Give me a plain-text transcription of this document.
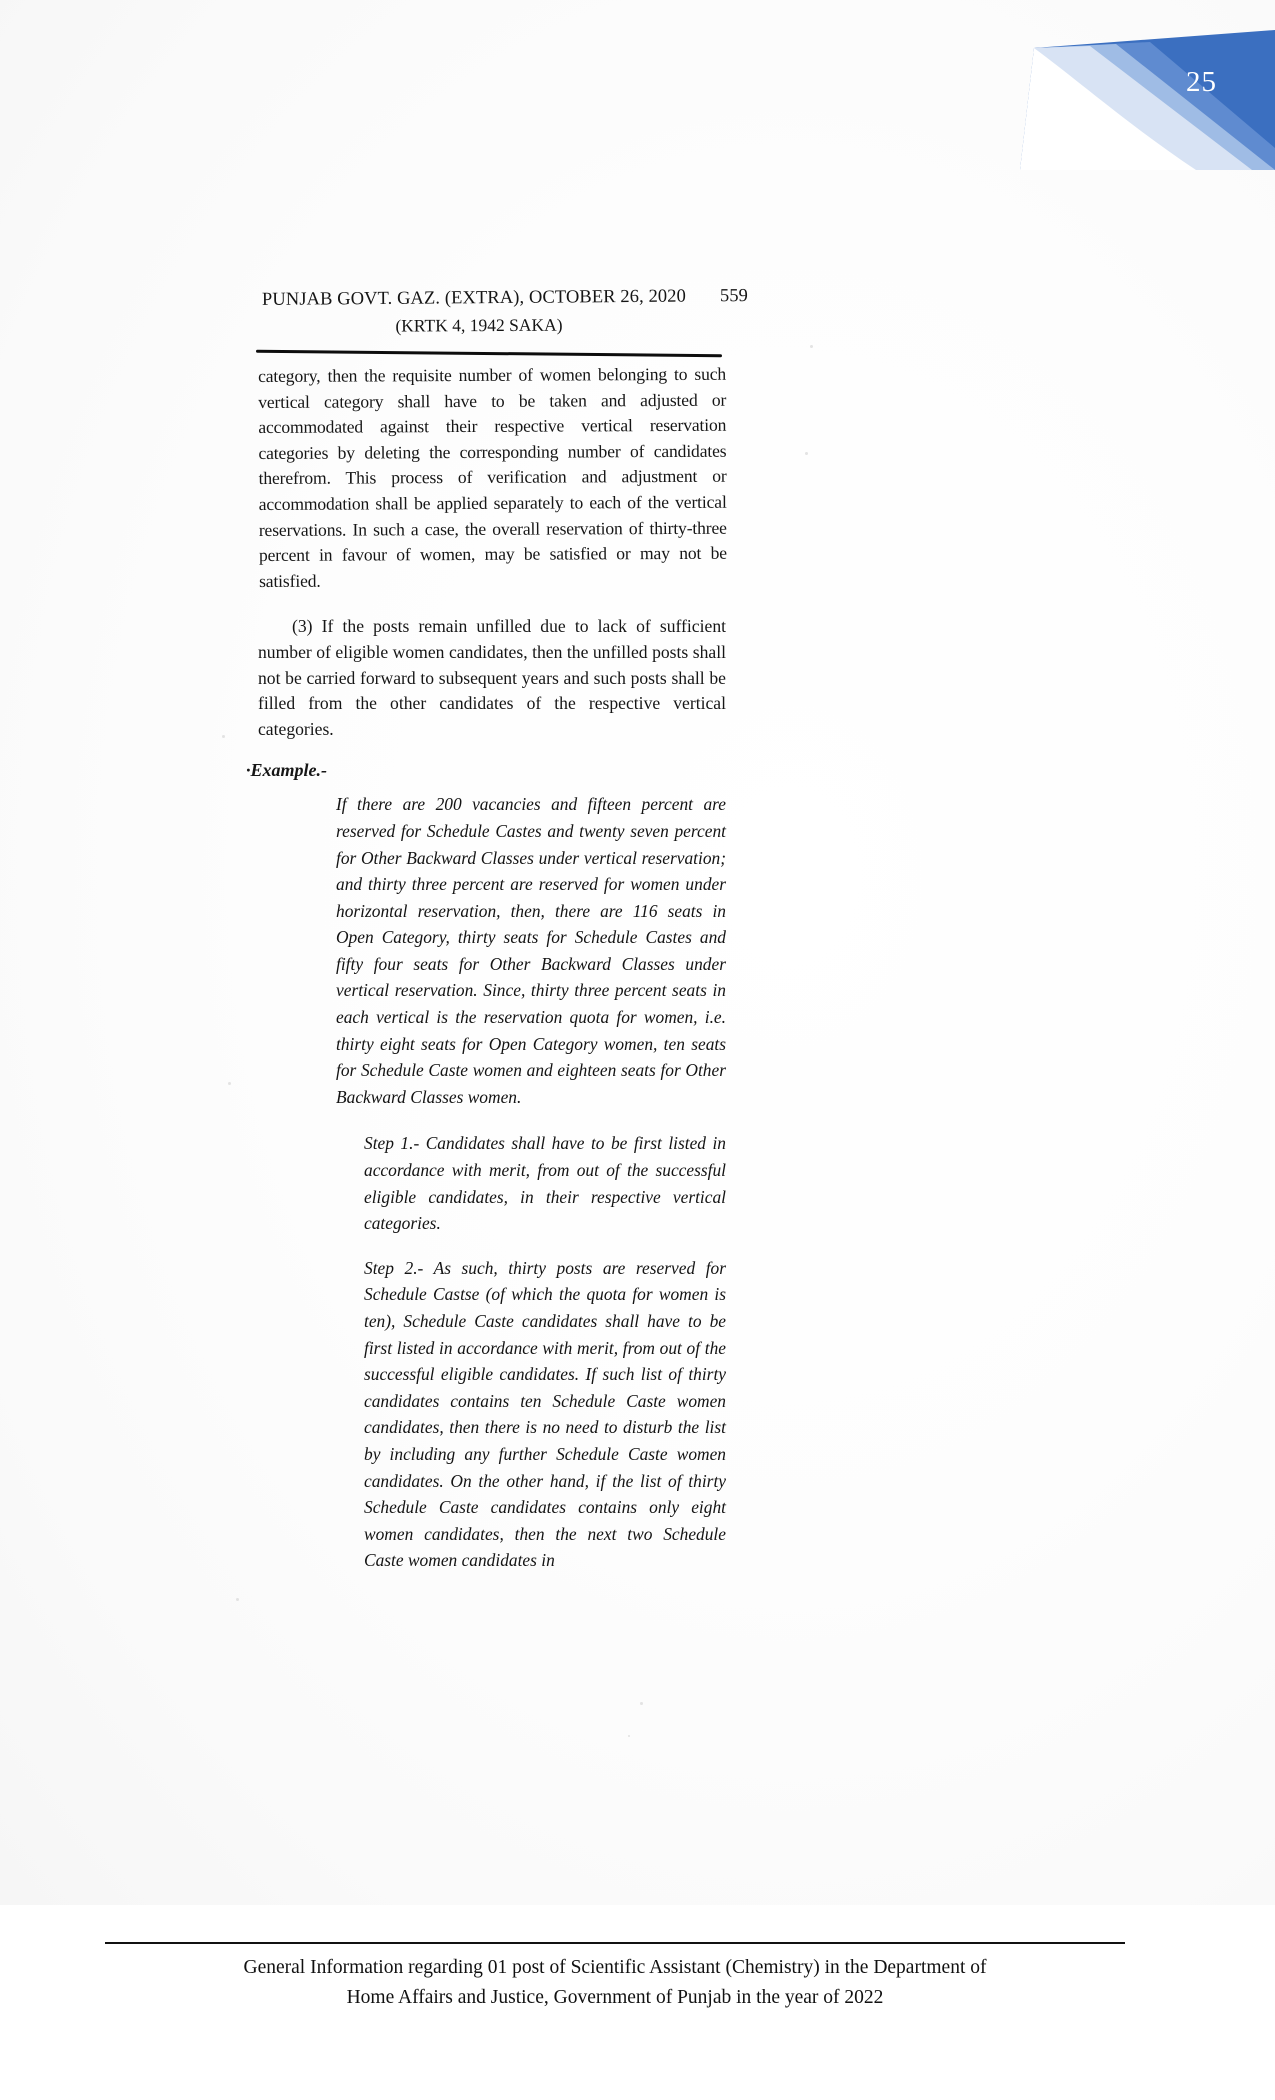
25
PUNJAB GOVT. GAZ. (EXTRA), OCTOBER 26, 2020 559
(KRTK 4, 1942 SAKA)

category, then the requisite number of women belonging to such vertical category shall have to be taken and adjusted or accommodated against their respective vertical reservation categories by deleting the corresponding number of candidates therefrom. This process of verification and adjustment or accommodation shall be applied separately to each of the vertical reservations. In such a case, the overall reservation of thirty-three percent in favour of women, may be satisfied or may not be satisfied.

(3) If the posts remain unfilled due to lack of sufficient number of eligible women candidates, then the unfilled posts shall not be carried forward to subsequent years and such posts shall be filled from the other candidates of the respective vertical categories.

·Example.-

If there are 200 vacancies and fifteen percent are reserved for Schedule Castes and twenty seven percent for Other Backward Classes under vertical reservation; and thirty three percent are reserved for women under horizontal reservation, then, there are 116 seats in Open Category, thirty seats for Schedule Castes and fifty four seats for Other Backward Classes under vertical reservation. Since, thirty three percent seats in each vertical is the reservation quota for women, i.e. thirty eight seats for Open Category women, ten seats for Schedule Caste women and eighteen seats for Other Backward Classes women.

Step 1.- Candidates shall have to be first listed in accordance with merit, from out of the successful eligible candidates, in their respective vertical categories.

Step 2.- As such, thirty posts are reserved for Schedule Castse (of which the quota for women is ten), Schedule Caste candidates shall have to be first listed in accordance with merit, from out of the successful eligible candidates. If such list of thirty candidates contains ten Schedule Caste women candidates, then there is no need to disturb the list by including any further Schedule Caste women candidates. On the other hand, if the list of thirty Schedule Caste candidates contains only eight women candidates, then the next two Schedule Caste women candidates in

General Information regarding 01 post of Scientific Assistant (Chemistry) in the Department of
Home Affairs and Justice, Government of Punjab in the year of 2022
